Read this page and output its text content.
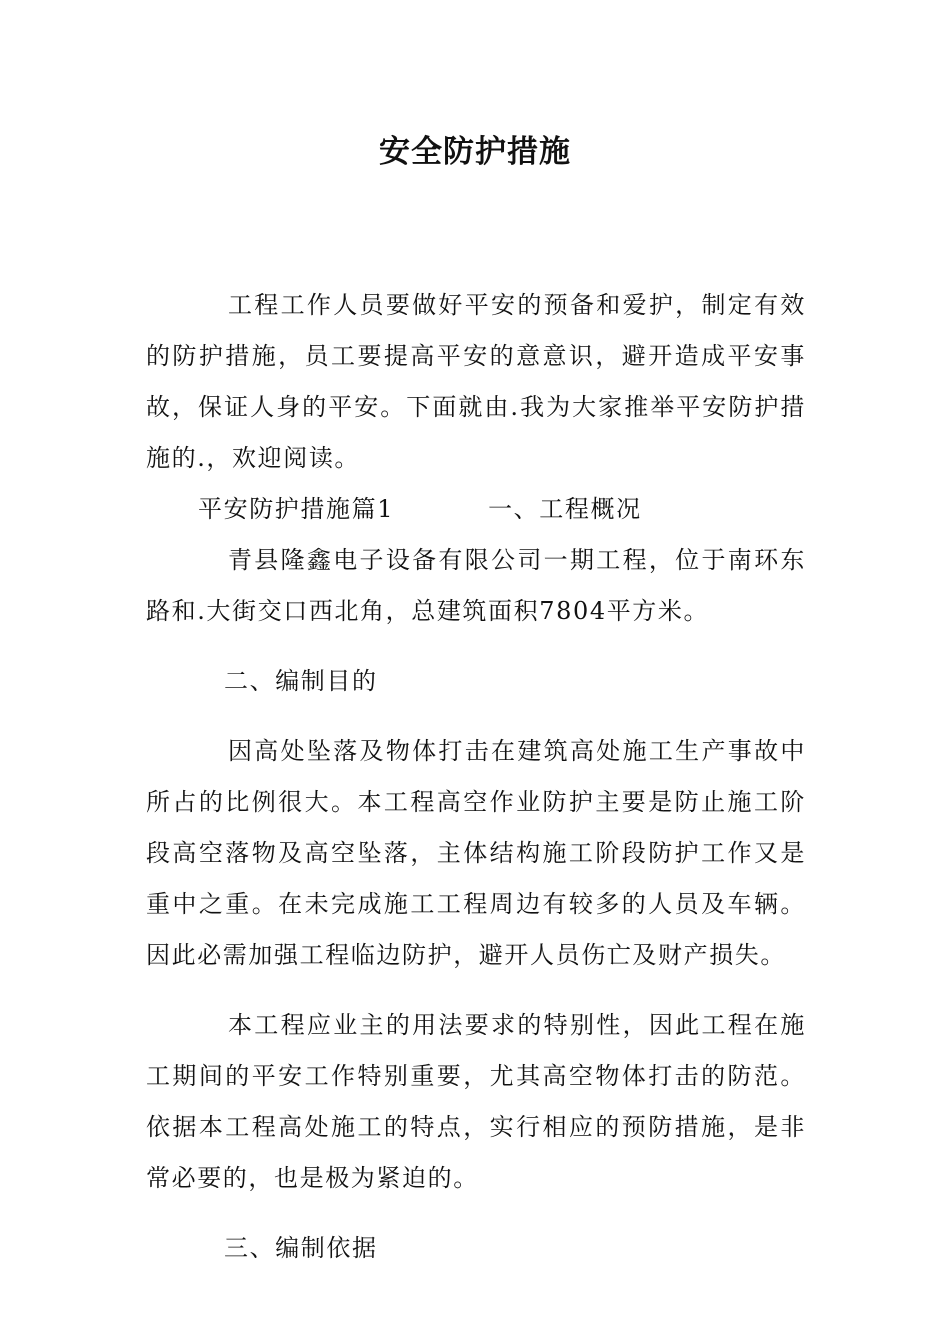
安全防护措施

工程工作人员要做好平安的预备和爱护，制定有效的防护措施，员工要提高平安的意意识，避开造成平安事故，保证人身的平安。下面就由.我为大家推举平安防护措施的.，欢迎阅读。

平安防护措施篇1	一、工程概况

青县隆鑫电子设备有限公司一期工程，位于南环东路和.大街交口西北角，总建筑面积7804平方米。

二、编制目的

因高处坠落及物体打击在建筑高处施工生产事故中所占的比例很大。本工程高空作业防护主要是防止施工阶段高空落物及高空坠落，主体结构施工阶段防护工作又是重中之重。在未完成施工工程周边有较多的人员及车辆。因此必需加强工程临边防护，避开人员伤亡及财产损失。

本工程应业主的用法要求的特别性，因此工程在施工期间的平安工作特别重要，尤其高空物体打击的防范。依据本工程高处施工的特点，实行相应的预防措施，是非常必要的，也是极为紧迫的。

三、编制依据
